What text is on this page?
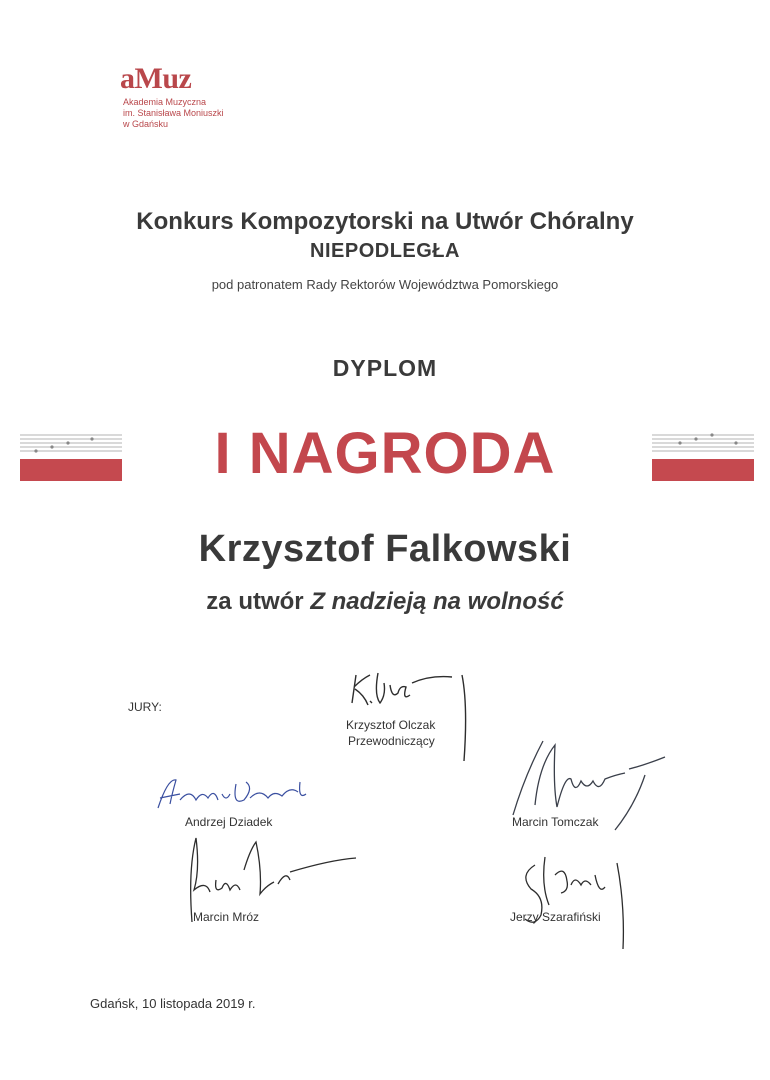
aMuz
Akademia Muzyczna
im. Stanisława Moniuszki
w Gdańsku
Konkurs Kompozytorski na Utwór Chóralny
NIEPODLEGŁA
pod patronatem Rady Rektorów Województwa Pomorskiego
DYPLOM
I NAGRODA
Krzysztof Falkowski
za utwór Z nadzieją na wolność
JURY:
Krzysztof Olczak
Przewodniczący
Andrzej Dziadek	Marcin Tomczak
Marcin Mróz	Jerzy Szarafiński
Gdańsk, 10 listopada 2019 r.
